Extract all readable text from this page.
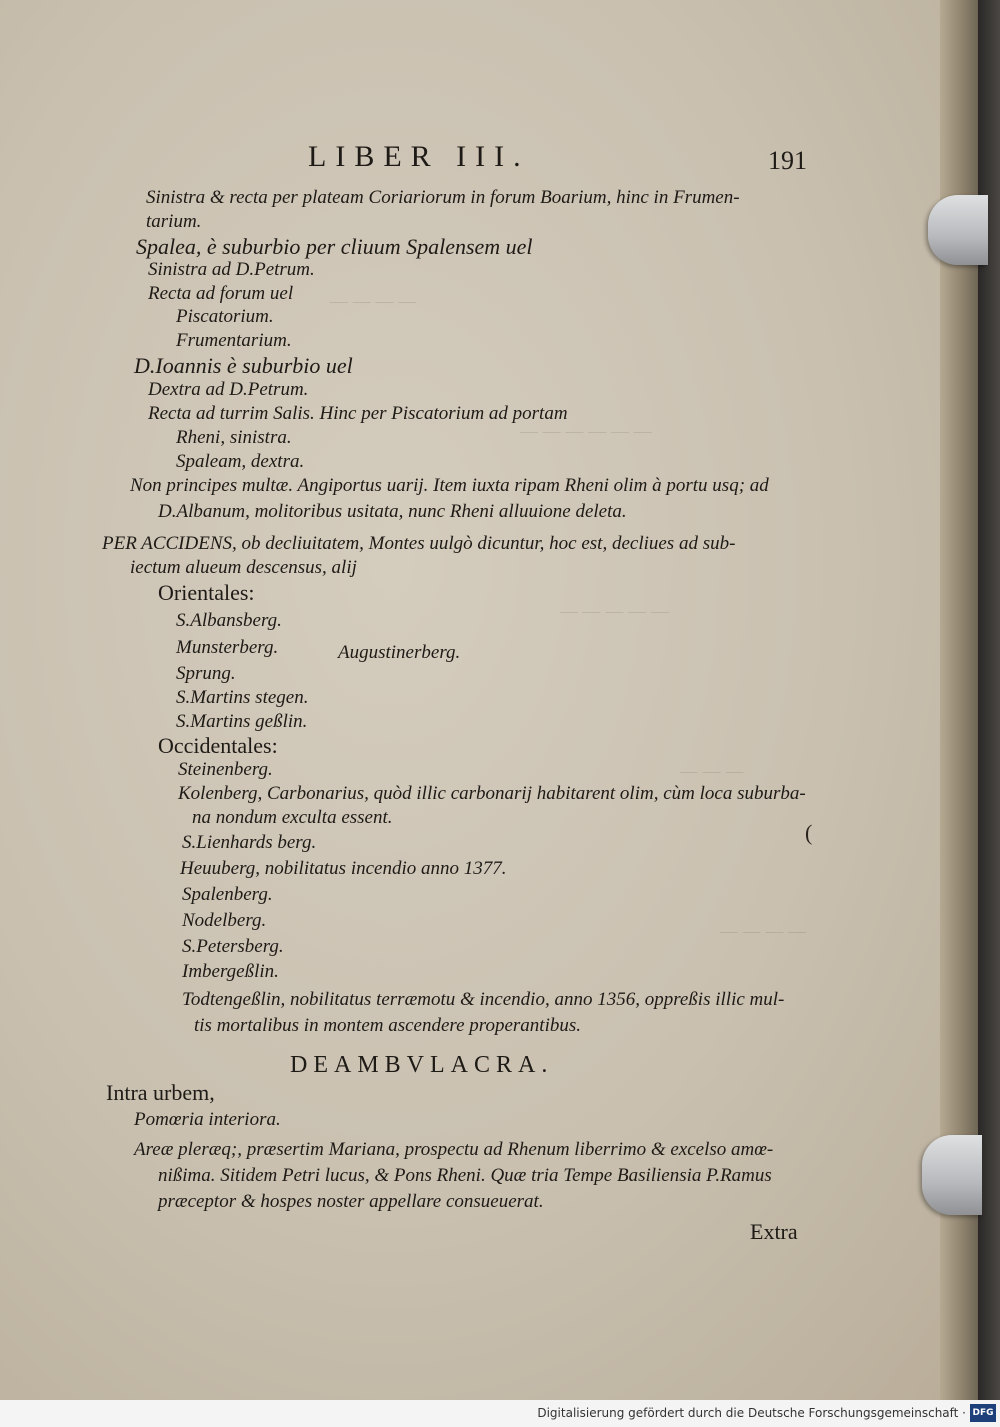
— — — —
— — — — — —
— — — — —
— — —
— — — —
LIBER III.	191
Sinistra & recta per plateam Coriariorum in forum Boarium, hinc in Frumen-
tarium.
Spalea, è suburbio per cliuum Spalensem uel
Sinistra ad D.Petrum.
Recta ad forum uel
Piscatorium.
Frumentarium.
D.Ioannis è suburbio uel
Dextra ad D.Petrum.
Recta ad turrim Salis. Hinc per Piscatorium ad portam
Rheni, sinistra.
Spaleam, dextra.
Non principes multæ. Angiportus uarij. Item iuxta ripam Rheni olim à portu usq; ad
D.Albanum, molitoribus usitata, nunc Rheni alluuione deleta.
PER ACCIDENS, ob decliuitatem, Montes uulgò dicuntur, hoc est, decliues ad sub-
iectum alueum descensus, alij
Orientales:
S.Albansberg.
Munsterberg.	Augustinerberg.
Sprung.
S.Martins stegen.
S.Martins geßlin.
Occidentales:
Steinenberg.
Kolenberg, Carbonarius, quòd illic carbonarij habitarent olim, cùm loca suburba-
na nondum exculta essent.
S.Lienhards berg.
Heuuberg, nobilitatus incendio anno 1377.
Spalenberg.
Nodelberg.
S.Petersberg.
Imbergeßlin.
Todtengeßlin, nobilitatus terræmotu & incendio, anno 1356, oppreßis illic mul-
tis mortalibus in montem ascendere properantibus.
Intra urbem,
Pomœria interiora.
Areæ pleræq;, præsertim Mariana, prospectu ad Rhenum liberrimo & excelso amœ-
nißima. Sitidem Petri lucus, & Pons Rheni. Quæ tria Tempe Basiliensia P.Ramus
præceptor & hospes noster appellare consueuerat.
DEAMBVLACRA.
Extra
(
Digitalisierung gefördert durch die Deutsche Forschungsgemeinschaft · DFG
